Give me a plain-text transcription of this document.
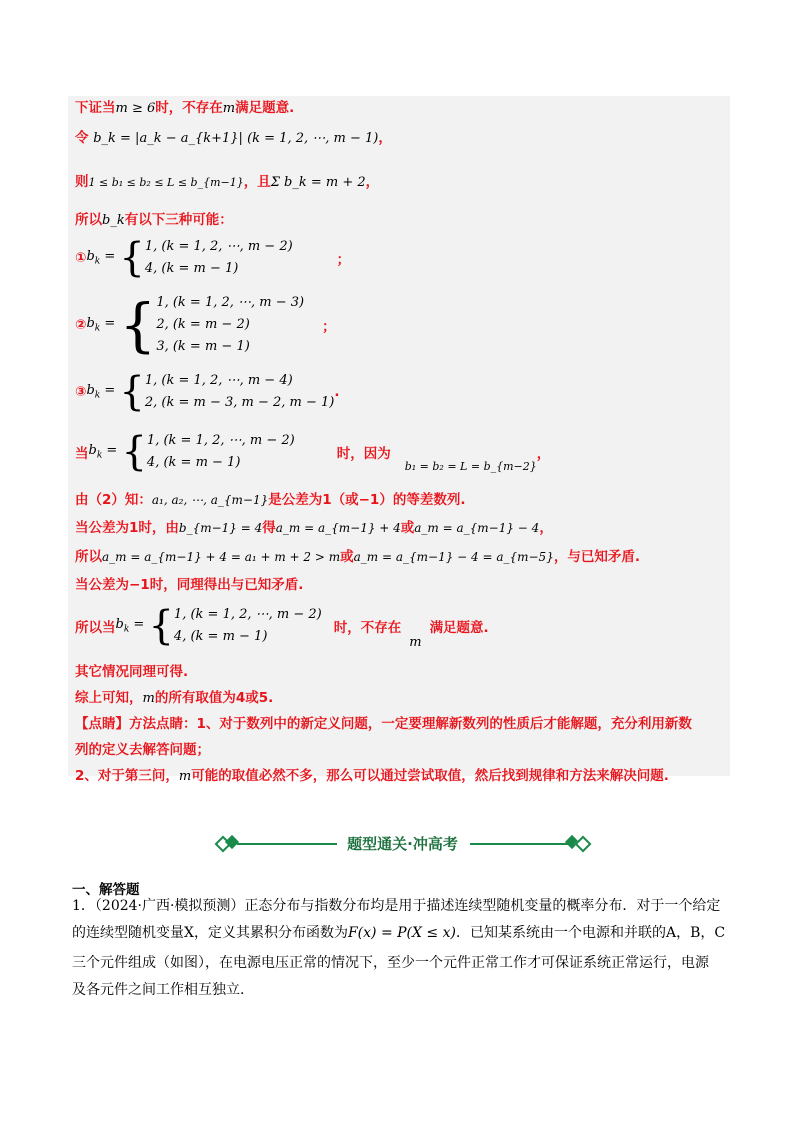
下证当m ≥ 6时，不存在m满足题意.
令 b_k = |a_k − a_{k+1}| (k = 1, 2, ⋯, m − 1)，
则1 ≤ b₁ ≤ b₂ ≤ L ≤ b_{m−1}，且Σ b_k = m + 2，
所以b_k有以下三种可能：
$①b_k$ = { 1, (k = 1, 2, ⋯, m − 2)
4, (k = m − 1)
；
$②b_k$ = { 1, (k = 1, 2, ⋯, m − 3)
2, (k = m − 2)
3, (k = m − 1)
；
$③b_k$ = { 1, (k = 1, 2, ⋯, m − 4)
2, (k = m − 3, m − 2, m − 1)
.
当$b_k$ = { 1, (k = 1, 2, ⋯, m − 2)
4, (k = m − 1)
时，因为$_{b_1 = b_2 = L = b\_\{m-2\}}$，
由（2）知：a₁, a₂, ⋯, a_{m−1}是公差为1（或−1）的等差数列.
当公差为1时，由b_{m−1} = 4得a_m = a_{m−1} + 4或a_m = a_{m−1} − 4，
所以a_m = a_{m−1} + 4 = a₁ + m + 2 > m或a_m = a_{m−1} − 4 = a_{m−5}，与已知矛盾.
当公差为−1时，同理得出与已知矛盾.
所以当$b_k$ = { 1, (k = 1, 2, ⋯, m − 2)
4, (k = m − 1)
时，不存在m满足题意.
其它情况同理可得.
综上可知，m的所有取值为4或5.
【点睛】方法点睛：1、对于数列中的新定义问题，一定要理解新数列的性质后才能解题，充分利用新数
列的定义去解答问题；
2、对于第三问，m可能的取值必然不多，那么可以通过尝试取值，然后找到规律和方法来解决问题.
题型通关·冲高考
一、解答题
1．（2024·广西·模拟预测）正态分布与指数分布均是用于描述连续型随机变量的概率分布．对于一个给定
的连续型随机变量X，定义其累积分布函数为F(x) = P(X ≤ x)．已知某系统由一个电源和并联的A，B，C
三个元件组成（如图），在电源电压正常的情况下，至少一个元件正常工作才可保证系统正常运行，电源
及各元件之间工作相互独立.
